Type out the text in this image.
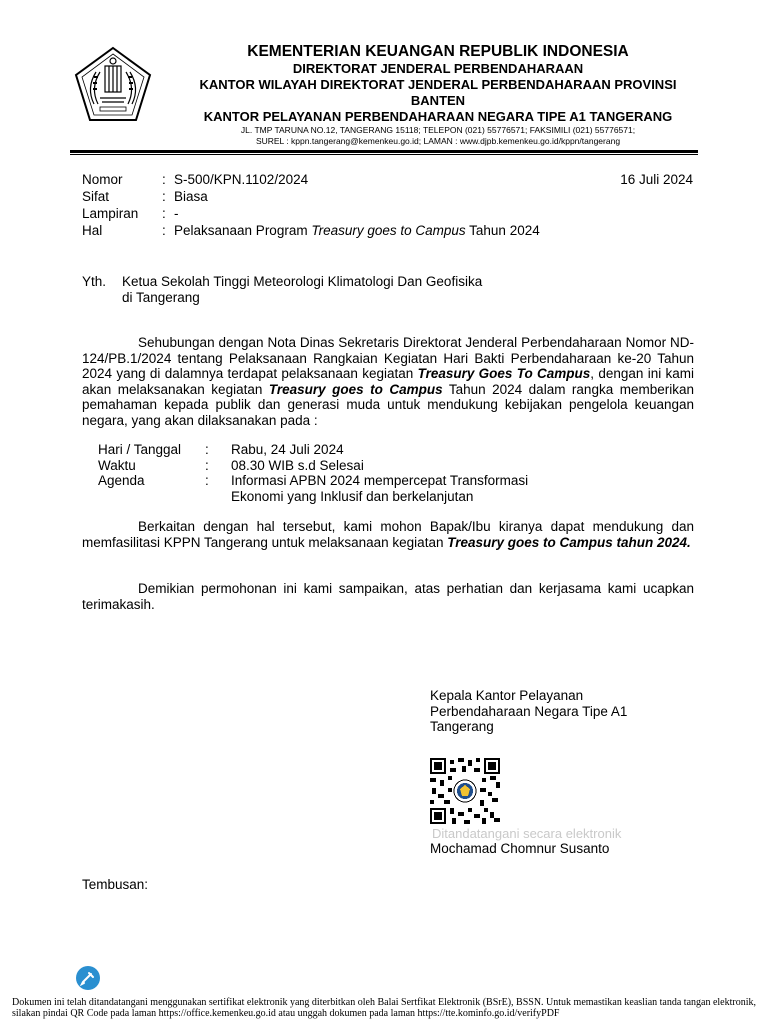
KEMENTERIAN KEUANGAN REPUBLIK INDONESIA
DIREKTORAT JENDERAL PERBENDAHARAAN
KANTOR WILAYAH DIREKTORAT JENDERAL PERBENDAHARAAN PROVINSI
BANTEN
KANTOR PELAYANAN PERBENDAHARAAN NEGARA TIPE A1 TANGERANG
JL. TMP TARUNA NO.12, TANGERANG 15118; TELEPON (021) 55776571; FAKSIMILI (021) 55776571;
SUREL : kppn.tangerang@kemenkeu.go.id; LAMAN : www.djpb.kemenkeu.go.id/kppn/tangerang
Nomor	: S-500/KPN.1102/2024
Sifat	: Biasa
Lampiran	: -
Hal	: Pelaksanaan Program Treasury goes to Campus Tahun 2024
16 Juli 2024
Yth. Ketua Sekolah Tinggi Meteorologi Klimatologi Dan Geofisika
di Tangerang

Sehubungan dengan Nota Dinas Sekretaris Direktorat Jenderal Perbendaharaan Nomor ND-124/PB.1/2024 tentang Pelaksanaan Rangkaian Kegiatan Hari Bakti Perbendaharaan ke-20 Tahun 2024 yang di dalamnya terdapat pelaksanaan kegiatan Treasury Goes To Campus, dengan ini kami akan melaksanakan kegiatan Treasury goes to Campus Tahun 2024 dalam rangka memberikan pemahaman kepada publik dan generasi muda untuk mendukung kebijakan pengelola keuangan negara, yang akan dilaksanakan pada :

Hari / Tanggal : Rabu, 24 Juli 2024
Waktu	: 08.30 WIB s.d Selesai
Agenda	: Informasi APBN 2024 mempercepat Transformasi
Ekonomi yang Inklusif dan berkelanjutan

Berkaitan dengan hal tersebut, kami mohon Bapak/Ibu kiranya dapat mendukung dan memfasilitasi KPPN Tangerang untuk melaksanaan kegiatan Treasury goes to Campus tahun 2024.

Demikian permohonan ini kami sampaikan, atas perhatian dan kerjasama kami ucapkan terimakasih.

Kepala Kantor Pelayanan
Perbendaharaan Negara Tipe A1
Tangerang
Ditandatangani secara elektronik
Mochamad Chomnur Susanto
Tembusan:
Dokumen ini telah ditandatangani menggunakan sertifikat elektronik yang diterbitkan oleh Balai Sertfikat Elektronik (BSrE), BSSN. Untuk memastikan keaslian tanda tangan elektronik, silakan pindai QR Code pada laman https://office.kemenkeu.go.id atau unggah dokumen pada laman https://tte.kominfo.go.id/verifyPDF
